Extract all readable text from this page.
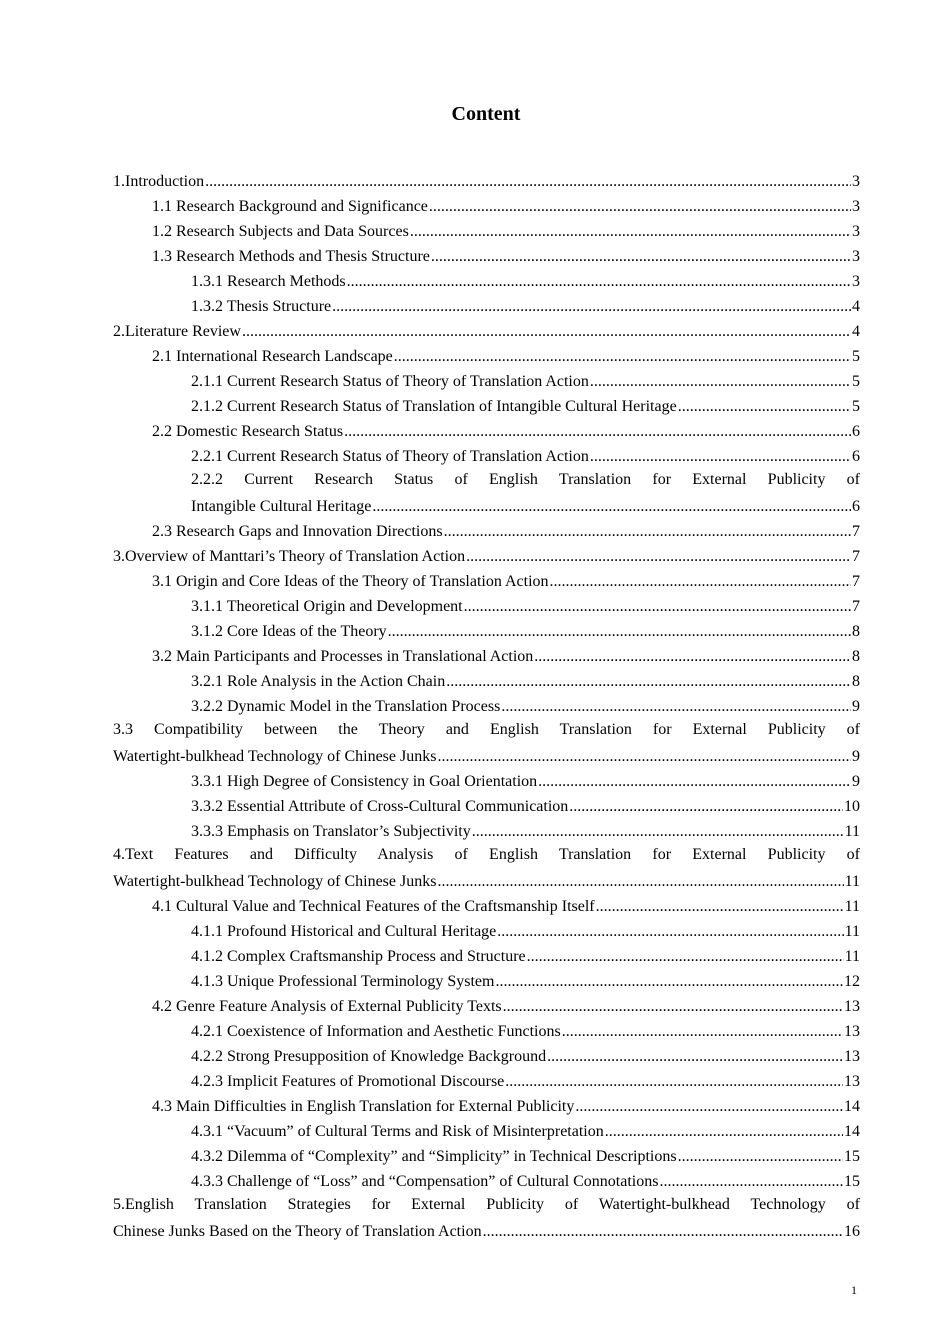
Content
1.Introduction .....	3
1.1 Research Background and Significance .....	3
1.2 Research Subjects and Data Sources .....	3
1.3 Research Methods and Thesis Structure .....	3
1.3.1 Research Methods .....	3
1.3.2 Thesis Structure .....	4
2.Literature Review .....	4
2.1 International Research Landscape .....	5
2.1.1 Current Research Status of Theory of Translation Action .....	5
2.1.2 Current Research Status of Translation of Intangible Cultural Heritage .....	5
2.2 Domestic Research Status .....	6
2.2.1 Current Research Status of Theory of Translation Action .....	6
2.2.2 Current Research Status of English Translation for External Publicity of
Intangible Cultural Heritage .....	6
2.3 Research Gaps and Innovation Directions .....	7
3.Overview of Manttari’s Theory of Translation Action .....	7
3.1 Origin and Core Ideas of the Theory of Translation Action .....	7
3.1.1 Theoretical Origin and Development .....	7
3.1.2 Core Ideas of the Theory .....	8
3.2 Main Participants and Processes in Translational Action .....	8
3.2.1 Role Analysis in the Action Chain .....	8
3.2.2 Dynamic Model in the Translation Process .....	9
3.3 Compatibility between the Theory and English Translation for External Publicity of
Watertight-bulkhead Technology of Chinese Junks .....	9
3.3.1 High Degree of Consistency in Goal Orientation .....	9
3.3.2 Essential Attribute of Cross-Cultural Communication .....	10
3.3.3 Emphasis on Translator’s Subjectivity .....	11
4.Text Features and Difficulty Analysis of English Translation for External Publicity of
Watertight-bulkhead Technology of Chinese Junks .....	11
4.1 Cultural Value and Technical Features of the Craftsmanship Itself .....	11
4.1.1 Profound Historical and Cultural Heritage .....	11
4.1.2 Complex Craftsmanship Process and Structure .....	11
4.1.3 Unique Professional Terminology System .....	12
4.2 Genre Feature Analysis of External Publicity Texts .....	13
4.2.1 Coexistence of Information and Aesthetic Functions .....	13
4.2.2 Strong Presupposition of Knowledge Background .....	13
4.2.3 Implicit Features of Promotional Discourse .....	13
4.3 Main Difficulties in English Translation for External Publicity .....	14
4.3.1 “Vacuum” of Cultural Terms and Risk of Misinterpretation .....	14
4.3.2 Dilemma of “Complexity” and “Simplicity” in Technical Descriptions .....	15
4.3.3 Challenge of “Loss” and “Compensation” of Cultural Connotations .....	15
5.English Translation Strategies for External Publicity of Watertight-bulkhead Technology of
Chinese Junks Based on the Theory of Translation Action .....	16
1
